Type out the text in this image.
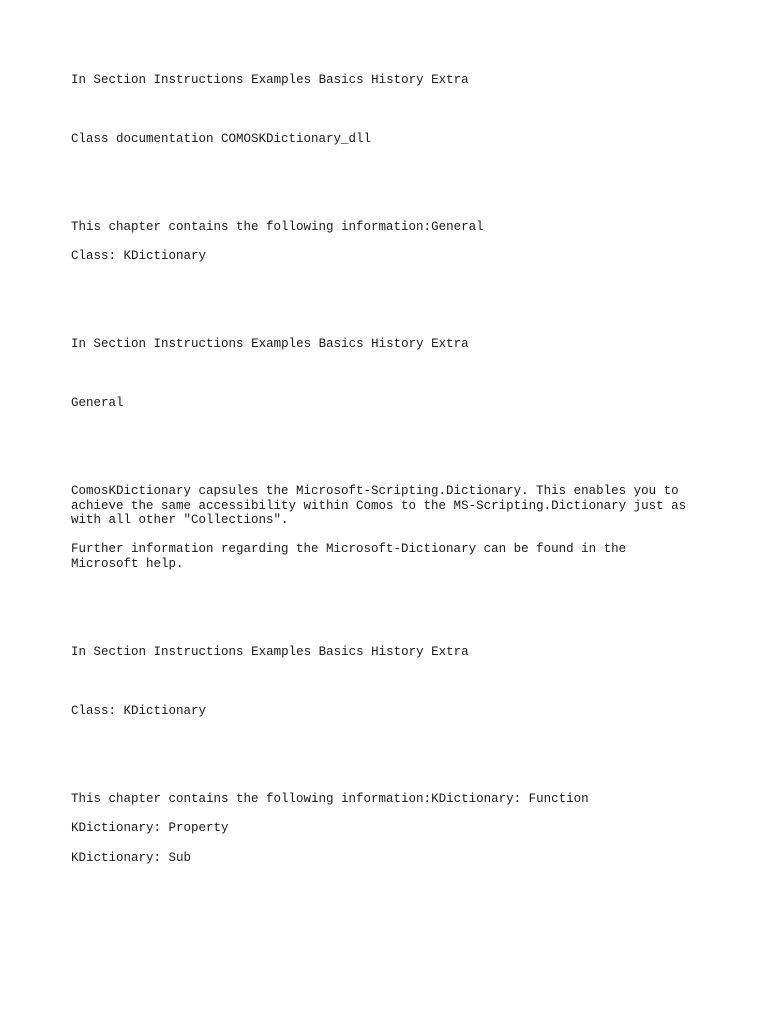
In Section Instructions Examples Basics History Extra
Class documentation COMOSKDictionary_dll
This chapter contains the following information:General
Class: KDictionary
In Section Instructions Examples Basics History Extra
General

ComosKDictionary capsules the Microsoft-Scripting.Dictionary. This enables you to achieve the same accessibility within Comos to the MS-Scripting.Dictionary just as with all other "Collections".

Further information regarding the Microsoft-Dictionary can be found in the Microsoft help.

In Section Instructions Examples Basics History Extra
Class: KDictionary
This chapter contains the following information:KDictionary: Function
KDictionary: Property
KDictionary: Sub
